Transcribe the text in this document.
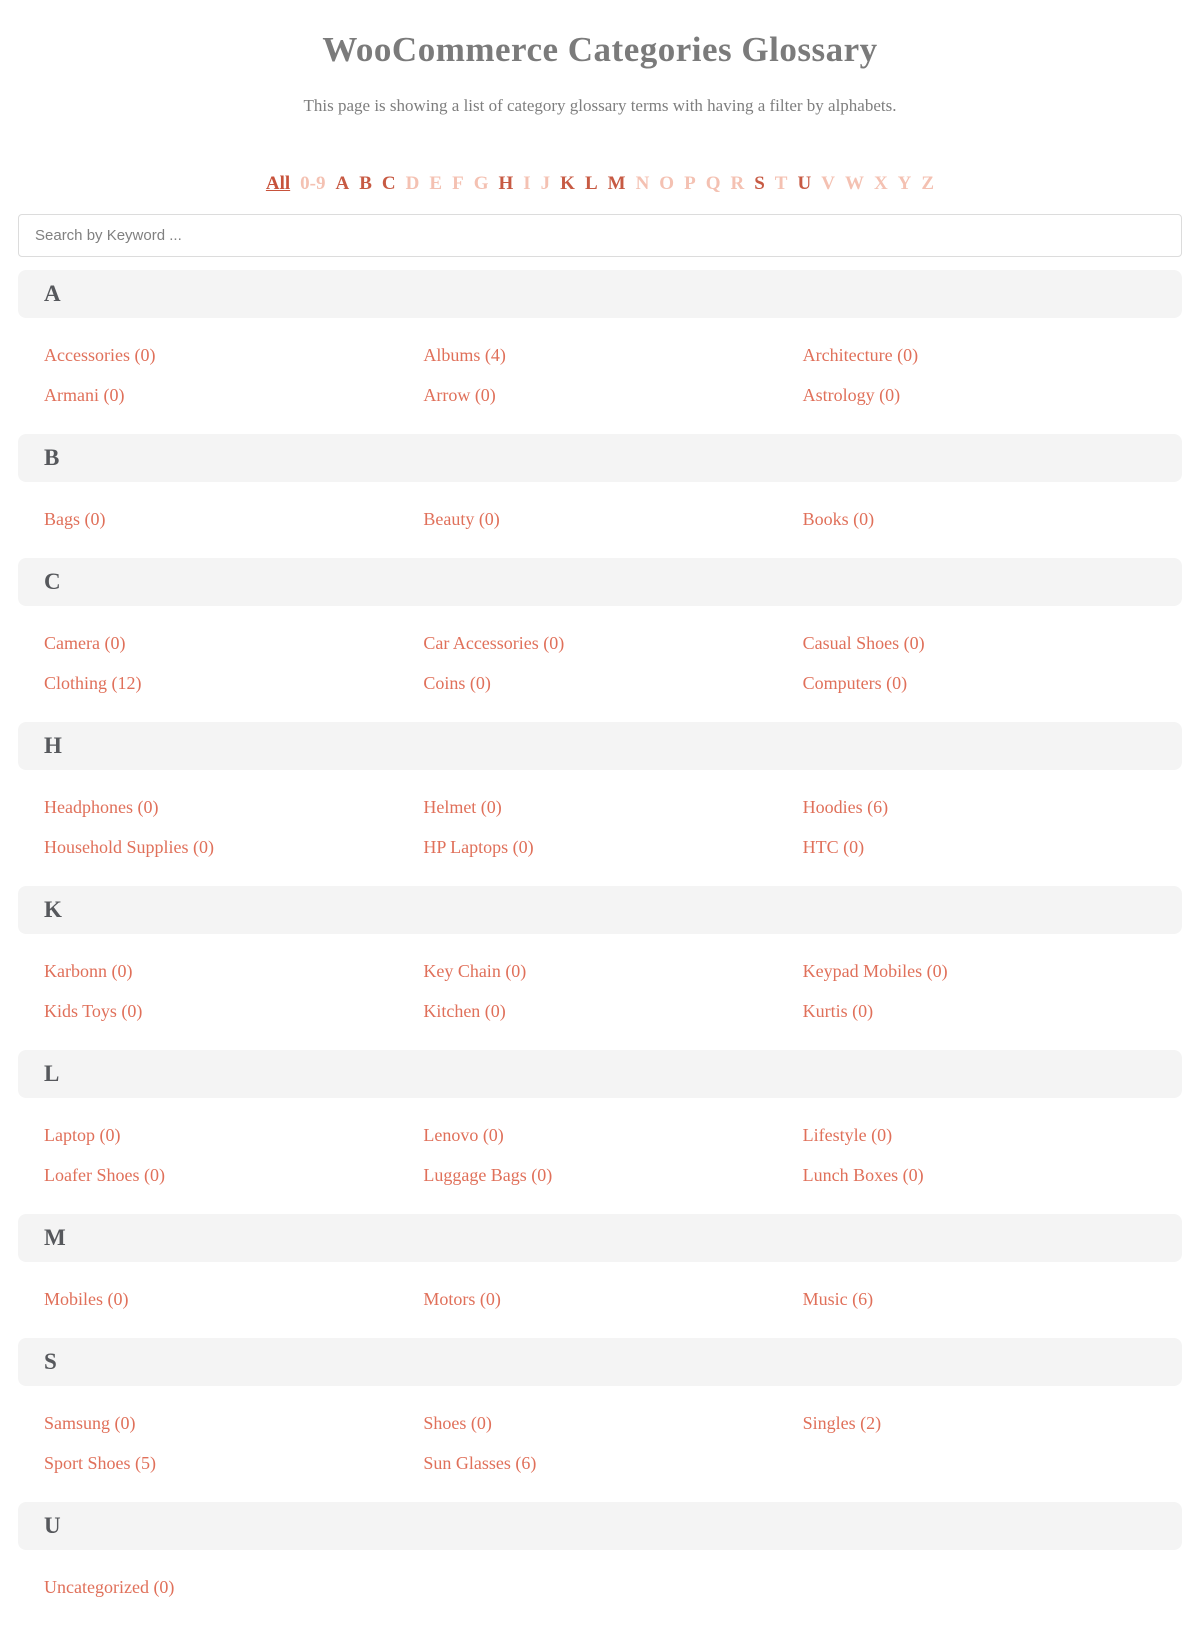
WooCommerce Categories Glossary

This page is showing a list of category glossary terms with having a filter by alphabets.

All 0-9 A B C D E F G H I J K L M N O P Q R S T U V W X Y Z
Search by Keyword ...
A
Accessories (0)	Albums (4)	Architecture (0)
Armani (0)	Arrow (0)	Astrology (0)
B
Bags (0)	Beauty (0)	Books (0)
C
Camera (0)	Car Accessories (0)	Casual Shoes (0)
Clothing (12)	Coins (0)	Computers (0)
H
Headphones (0)	Helmet (0)	Hoodies (6)
Household Supplies (0)	HP Laptops (0)	HTC (0)
K
Karbonn (0)	Key Chain (0)	Keypad Mobiles (0)
Kids Toys (0)	Kitchen (0)	Kurtis (0)
L
Laptop (0)	Lenovo (0)	Lifestyle (0)
Loafer Shoes (0)	Luggage Bags (0)	Lunch Boxes (0)
M
Mobiles (0)	Motors (0)	Music (6)
S
Samsung (0)	Shoes (0)	Singles (2)
Sport Shoes (5)	Sun Glasses (6)
U
Uncategorized (0)
